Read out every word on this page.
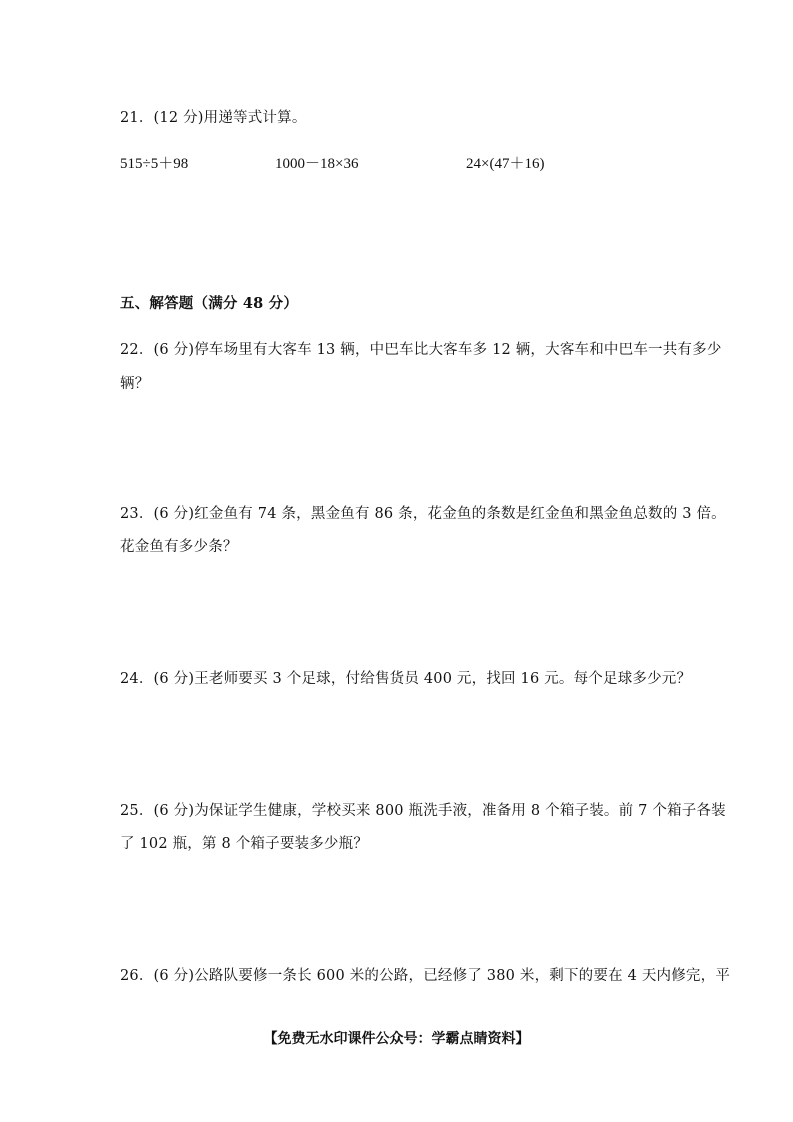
21．(12 分)用递等式计算。
515÷5＋98	1000－18×36	24×(47＋16)
五、解答题（满分 48 分）
22．(6 分)停车场里有大客车 13 辆，中巴车比大客车多 12 辆，大客车和中巴车一共有多少
辆？
23．(6 分)红金鱼有 74 条，黑金鱼有 86 条，花金鱼的条数是红金鱼和黑金鱼总数的 3 倍。
花金鱼有多少条？
24．(6 分)王老师要买 3 个足球，付给售货员 400 元，找回 16 元。每个足球多少元？
25．(6 分)为保证学生健康，学校买来 800 瓶洗手液，准备用 8 个箱子装。前 7 个箱子各装
了 102 瓶，第 8 个箱子要装多少瓶？
26．(6 分)公路队要修一条长 600 米的公路，已经修了 380 米，剩下的要在 4 天内修完，平
【免费无水印课件公众号：学霸点睛资料】
